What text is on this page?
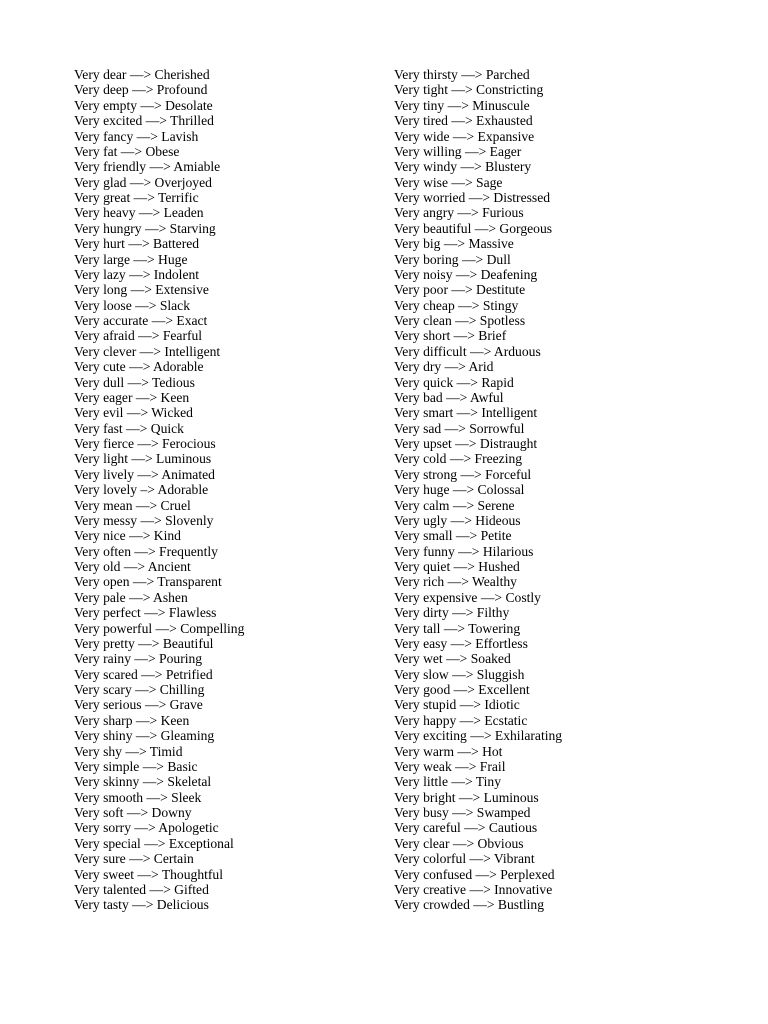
Very dear —> Cherished
Very deep —> Profound
Very empty —> Desolate
Very excited —> Thrilled
Very fancy —> Lavish
Very fat —> Obese
Very friendly —> Amiable
Very glad —> Overjoyed
Very great —> Terrific
Very heavy —> Leaden
Very hungry —> Starving
Very hurt —> Battered
Very large —> Huge
Very lazy —> Indolent
Very long —> Extensive
Very loose —> Slack
Very accurate —> Exact
Very afraid —> Fearful
Very clever —> Intelligent
Very cute —> Adorable
Very dull —> Tedious
Very eager —> Keen
Very evil —> Wicked
Very fast —> Quick
Very fierce —> Ferocious
Very light —> Luminous
Very lively —> Animated
Very lovely –> Adorable
Very mean —> Cruel
Very messy —> Slovenly
Very nice —> Kind
Very often —> Frequently
Very old —> Ancient
Very open —> Transparent
Very pale —> Ashen
Very perfect —> Flawless
Very powerful —> Compelling
Very pretty —> Beautiful
Very rainy —> Pouring
Very scared —> Petrified
Very scary —> Chilling
Very serious —> Grave
Very sharp —> Keen
Very shiny —> Gleaming
Very shy —> Timid
Very simple —> Basic
Very skinny —> Skeletal
Very smooth —> Sleek
Very soft —> Downy
Very sorry —> Apologetic
Very special —> Exceptional
Very sure —> Certain
Very sweet —> Thoughtful
Very talented —> Gifted
Very tasty —> Delicious
Very thirsty —> Parched
Very tight —> Constricting
Very tiny —> Minuscule
Very tired —> Exhausted
Very wide —> Expansive
Very willing —> Eager
Very windy —> Blustery
Very wise —> Sage
Very worried —> Distressed
Very angry —> Furious
Very beautiful —> Gorgeous
Very big —> Massive
Very boring —> Dull
Very noisy —> Deafening
Very poor —> Destitute
Very cheap —> Stingy
Very clean —> Spotless
Very short —> Brief
Very difficult —> Arduous
Very dry —> Arid
Very quick —> Rapid
Very bad —> Awful
Very smart —> Intelligent
Very sad —> Sorrowful
Very upset —> Distraught
Very cold —> Freezing
Very strong —> Forceful
Very huge —> Colossal
Very calm —> Serene
Very ugly —> Hideous
Very small —> Petite
Very funny —> Hilarious
Very quiet —> Hushed
Very rich —> Wealthy
Very expensive —> Costly
Very dirty —> Filthy
Very tall —> Towering
Very easy —> Effortless
Very wet —> Soaked
Very slow —> Sluggish
Very good —> Excellent
Very stupid —> Idiotic
Very happy —> Ecstatic
Very exciting —> Exhilarating
Very warm —> Hot
Very weak —> Frail
Very little —> Tiny
Very bright —> Luminous
Very busy —> Swamped
Very careful —> Cautious
Very clear —> Obvious
Very colorful —> Vibrant
Very confused —> Perplexed
Very creative —> Innovative
Very crowded —> Bustling
